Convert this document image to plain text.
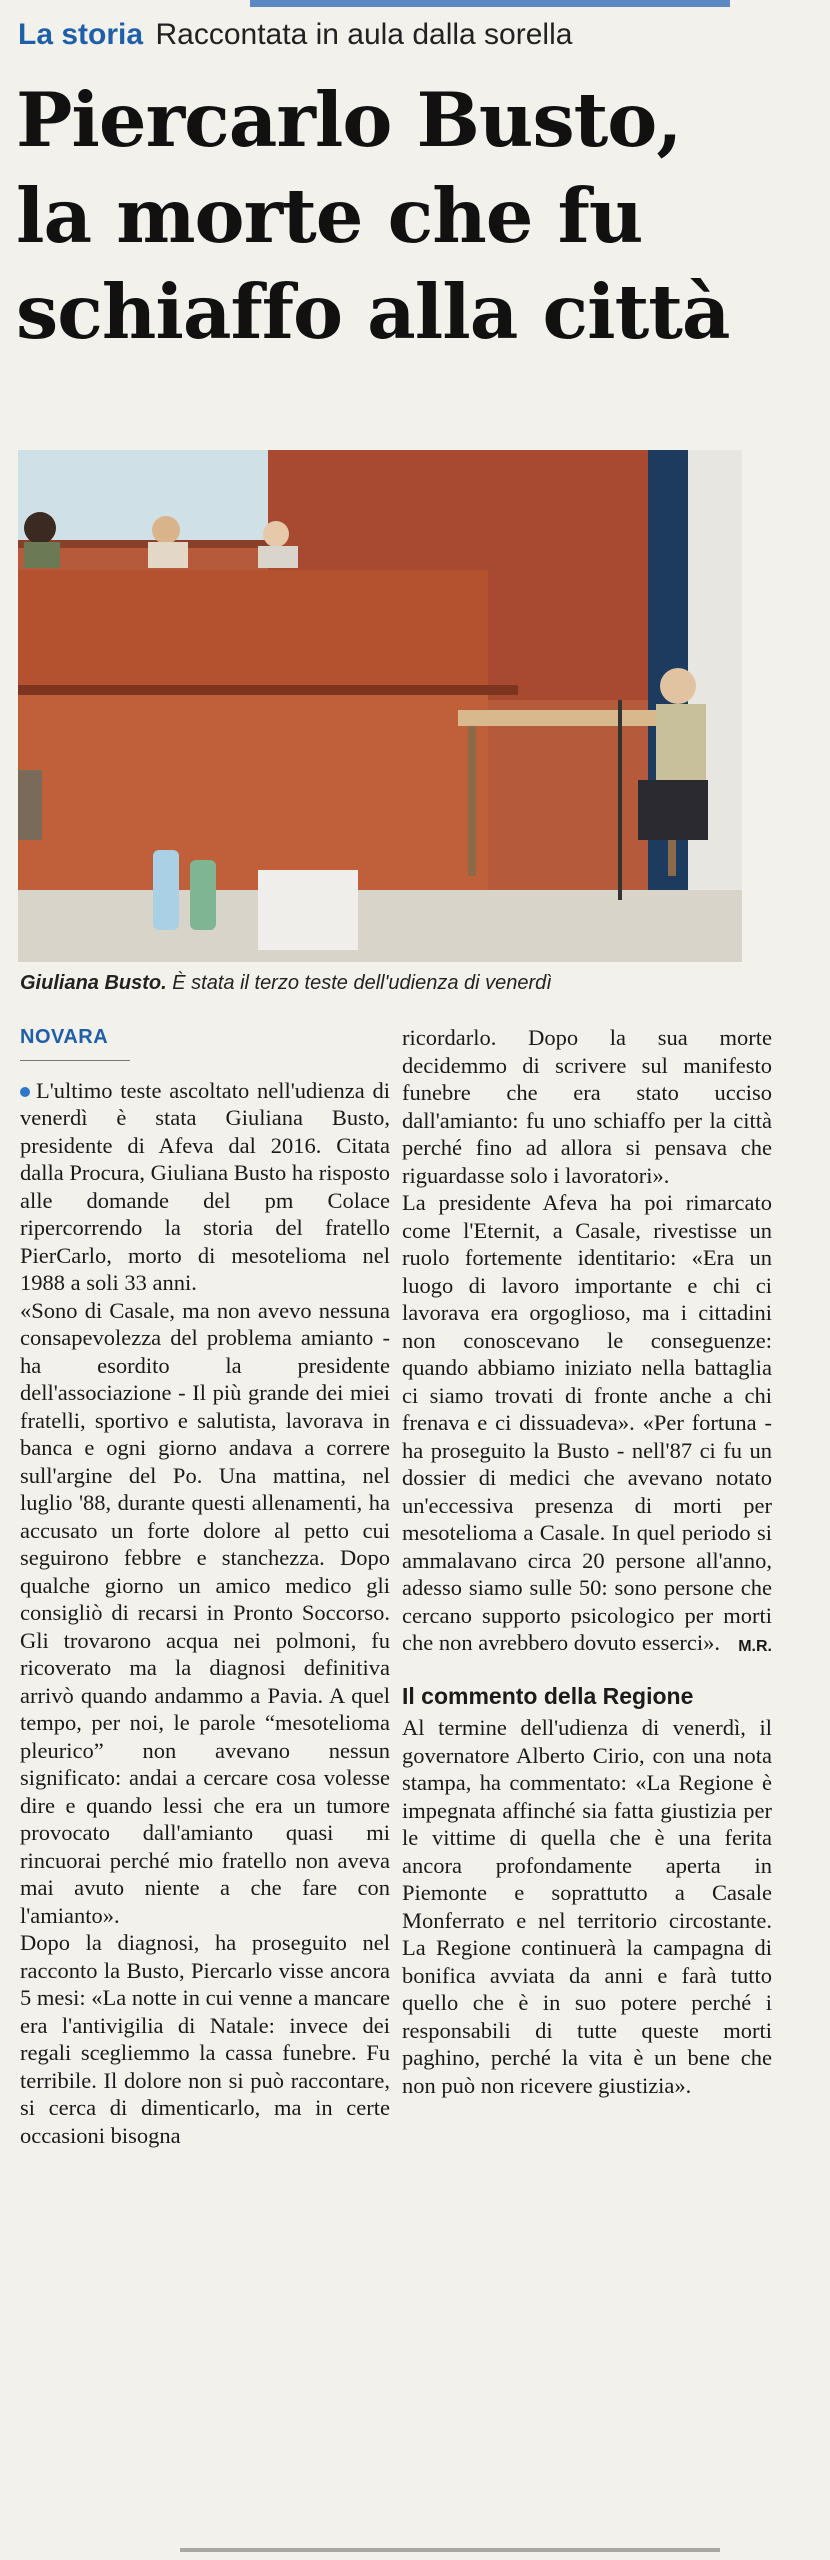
La storia Raccontata in aula dalla sorella
Piercarlo Busto,
la morte che fu
schiaffo alla città
Giuliana Busto. È stata il terzo teste dell'udienza di venerdì
NOVARA

L'ultimo teste ascoltato nell'udienza di venerdì è stata Giuliana Busto, presidente di Afeva dal 2016. Citata dalla Procura, Giuliana Busto ha risposto alle domande del pm Colace ripercorrendo la storia del fratello PierCarlo, morto di mesotelioma nel 1988 a soli 33 anni.

«Sono di Casale, ma non avevo nessuna consapevolezza del problema amianto - ha esordito la presidente dell'associazione - Il più grande dei miei fratelli, sportivo e salutista, lavorava in banca e ogni giorno andava a correre sull'argine del Po. Una mattina, nel luglio '88, durante questi allenamenti, ha accusato un forte dolore al petto cui seguirono febbre e stanchezza. Dopo qualche giorno un amico medico gli consigliò di recarsi in Pronto Soccorso. Gli trovarono acqua nei polmoni, fu ricoverato ma la diagnosi definitiva arrivò quando andammo a Pavia. A quel tempo, per noi, le parole “mesotelioma pleurico” non avevano nessun significato: andai a cercare cosa volesse dire e quando lessi che era un tumore provocato dall'amianto quasi mi rincuorai perché mio fratello non aveva mai avuto niente a che fare con l'amianto».

Dopo la diagnosi, ha proseguito nel racconto la Busto, Piercarlo visse ancora 5 mesi: «La notte in cui venne a mancare era l'antivigilia di Natale: invece dei regali scegliemmo la cassa funebre. Fu terribile. Il dolore non si può raccontare, si cerca di dimenticarlo, ma in certe occasioni bisogna

ricordarlo. Dopo la sua morte decidemmo di scrivere sul manifesto funebre che era stato ucciso dall'amianto: fu uno schiaffo per la città perché fino ad allora si pensava che riguardasse solo i lavoratori».

La presidente Afeva ha poi rimarcato come l'Eternit, a Casale, rivestisse un ruolo fortemente identitario: «Era un luogo di lavoro importante e chi ci lavorava era orgoglioso, ma i cittadini non conoscevano le conseguenze: quando abbiamo iniziato nella battaglia ci siamo trovati di fronte anche a chi frenava e ci dissuadeva». «Per fortuna - ha proseguito la Busto - nell'87 ci fu un dossier di medici che avevano notato un'eccessiva presenza di morti per mesotelioma a Casale. In quel periodo si ammalavano circa 20 persone all'anno, adesso siamo sulle 50: sono persone che cercano supporto psicologico per morti che non avrebbero dovuto esserci». M.R.

Il commento della Regione

Al termine dell'udienza di venerdì, il governatore Alberto Cirio, con una nota stampa, ha commentato: «La Regione è impegnata affinché sia fatta giustizia per le vittime di quella che è una ferita ancora profondamente aperta in Piemonte e soprattutto a Casale Monferrato e nel territorio circostante. La Regione continuerà la campagna di bonifica avviata da anni e farà tutto quello che è in suo potere perché i responsabili di tutte queste morti paghino, perché la vita è un bene che non può non ricevere giustizia».
